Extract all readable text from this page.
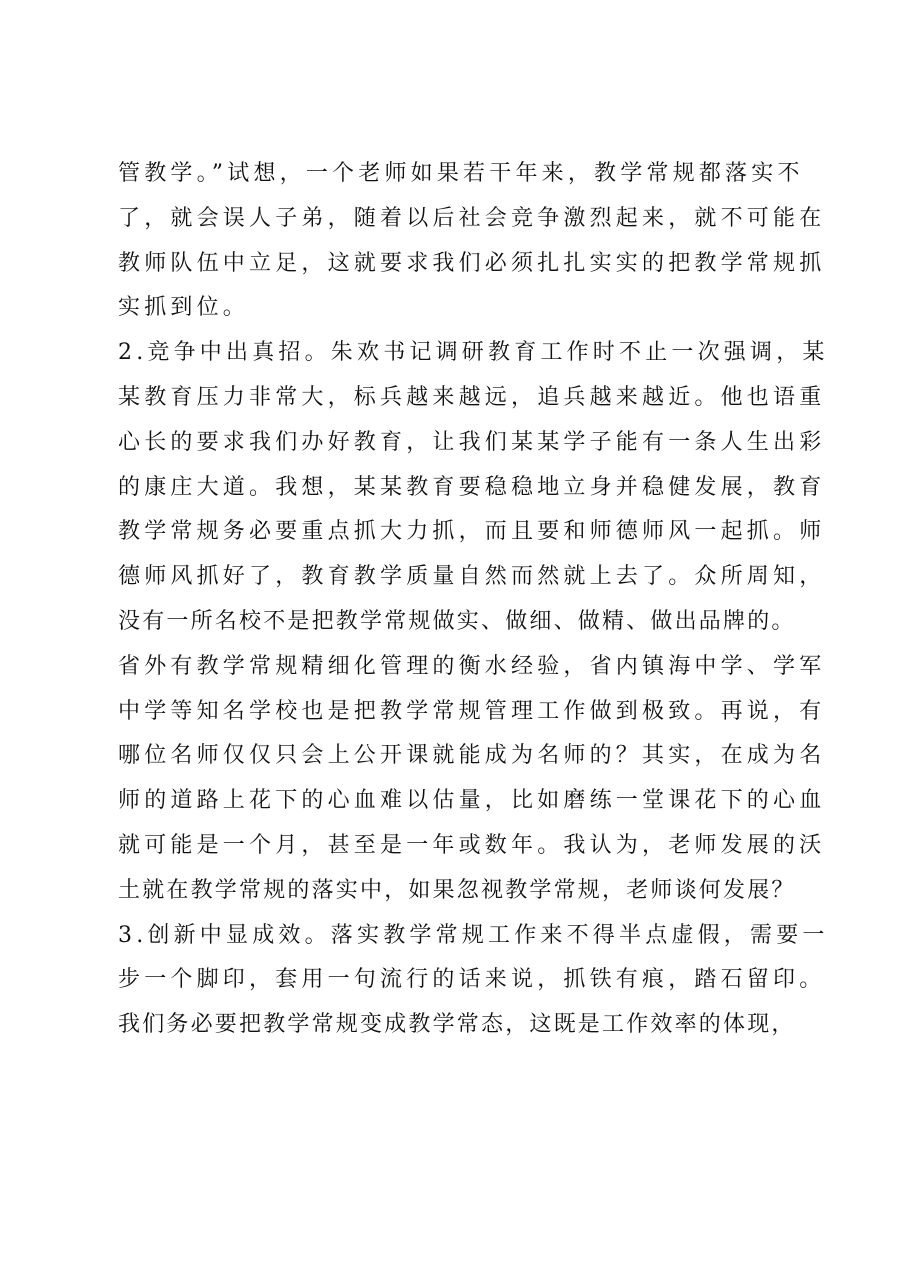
管教学。”试想，一个老师如果若干年来，教学常规都落实不
了，就会误人子弟，随着以后社会竞争激烈起来，就不可能在
教师队伍中立足，这就要求我们必须扎扎实实的把教学常规抓
实抓到位。
2.竞争中出真招。朱欢书记调研教育工作时不止一次强调，某
某教育压力非常大，标兵越来越远，追兵越来越近。他也语重
心长的要求我们办好教育，让我们某某学子能有一条人生出彩
的康庄大道。我想，某某教育要稳稳地立身并稳健发展，教育
教学常规务必要重点抓大力抓，而且要和师德师风一起抓。师
德师风抓好了，教育教学质量自然而然就上去了。众所周知，
没有一所名校不是把教学常规做实、做细、做精、做出品牌的。
省外有教学常规精细化管理的衡水经验，省内镇海中学、学军
中学等知名学校也是把教学常规管理工作做到极致。再说，有
哪位名师仅仅只会上公开课就能成为名师的？其实，在成为名
师的道路上花下的心血难以估量，比如磨练一堂课花下的心血
就可能是一个月，甚至是一年或数年。我认为，老师发展的沃
土就在教学常规的落实中，如果忽视教学常规，老师谈何发展？
3.创新中显成效。落实教学常规工作来不得半点虚假，需要一
步一个脚印，套用一句流行的话来说，抓铁有痕，踏石留印。
我们务必要把教学常规变成教学常态，这既是工作效率的体现，
